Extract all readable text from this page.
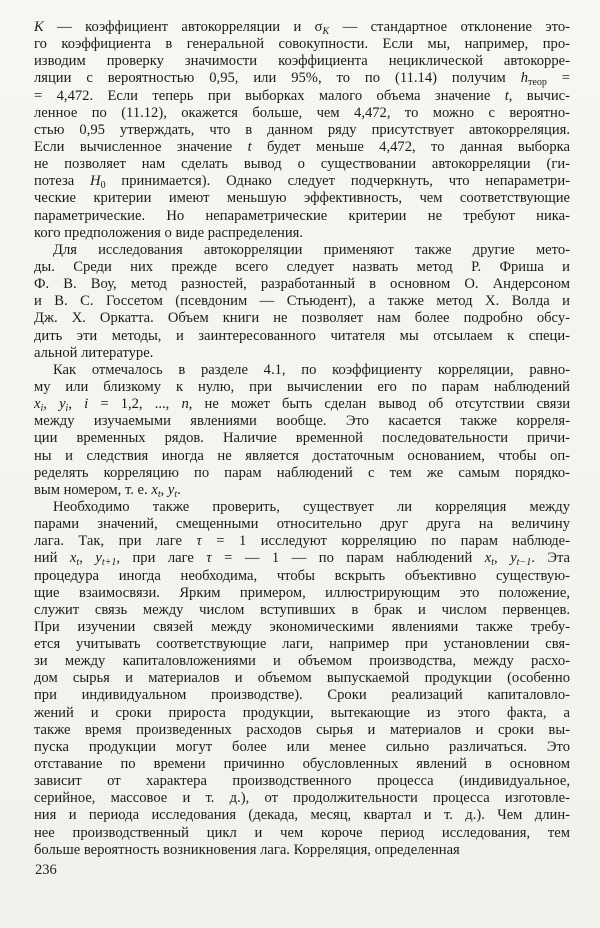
K — коэффициент автокорреляции и $\sigma_K$ — стандартное отклонение это-
го коэффициента в генеральной совокупности. Если мы, например, про-
изводим проверку значимости коэффициента нециклической автокорре-
ляции с вероятностью 0,95, или 95%, то по (11.14) получим $h_{теор}$ =
= 4,472. Если теперь при выборках малого объема значение t, вычис-
ленное по (11.12), окажется больше, чем 4,472, то можно с вероятно-
стью 0,95 утверждать, что в данном ряду присутствует автокорреляция.
Если вычисленное значение t будет меньше 4,472, то данная выборка
не позволяет нам сделать вывод о существовании автокорреляции (ги-
потеза $H_0$ принимается). Однако следует подчеркнуть, что непараметри-
ческие критерии имеют меньшую эффективность, чем соответствующие
параметрические. Но непараметрические критерии не требуют ника-
кого предположения о виде распределения.
Для исследования автокорреляции применяют также другие мето-
ды. Среди них прежде всего следует назвать метод Р. Фриша и
Ф. В. Воу, метод разностей, разработанный в основном О. Андерсоном
и В. С. Госсетом (псевдоним — Стьюдент), а также метод Х. Волда и
Дж. Х. Оркатта. Объем книги не позволяет нам более подробно обсу-
дить эти методы, и заинтересованного читателя мы отсылаем к специ-
альной литературе.
Как отмечалось в разделе 4.1, по коэффициенту корреляции, равно-
му или близкому к нулю, при вычислении его по парам наблюдений
$x_i$, $y_i$, i = 1,2, ..., n, не может быть сделан вывод об отсутствии связи
между изучаемыми явлениями вообще. Это касается также корреля-
ции временных рядов. Наличие временной последовательности причи-
ны и следствия иногда не является достаточным основанием, чтобы оп-
ределять корреляцию по парам наблюдений с тем же самым порядко-
вым номером, т. е. $x_t$, $y_t$.
Необходимо также проверить, существует ли корреляция между
парами значений, смещенными относительно друг друга на величину
лага. Так, при лаге τ = 1 исследуют корреляцию по парам наблюде-
ний $x_t$, $y_{t+1}$, при лаге τ = — 1 — по парам наблюдений $x_t$, $y_{t-1}$. Эта
процедура иногда необходима, чтобы вскрыть объективно существую-
щие взаимосвязи. Ярким примером, иллюстрирующим это положение,
служит связь между числом вступивших в брак и числом первенцев.
При изучении связей между экономическими явлениями также требу-
ется учитывать соответствующие лаги, например при установлении свя-
зи между капиталовложениями и объемом производства, между расхо-
дом сырья и материалов и объемом выпускаемой продукции (особенно
при индивидуальном производстве). Сроки реализаций капиталовло-
жений и сроки прироста продукции, вытекающие из этого факта, а
также время произведенных расходов сырья и материалов и сроки вы-
пуска продукции могут более или менее сильно различаться. Это
отставание по времени причинно обусловленных явлений в основном
зависит от характера производственного процесса (индивидуальное,
серийное, массовое и т. д.), от продолжительности процесса изготовле-
ния и периода исследования (декада, месяц, квартал и т. д.). Чем длин-
нее производственный цикл и чем короче период исследования, тем
больше вероятность возникновения лага. Корреляция, определенная
236
